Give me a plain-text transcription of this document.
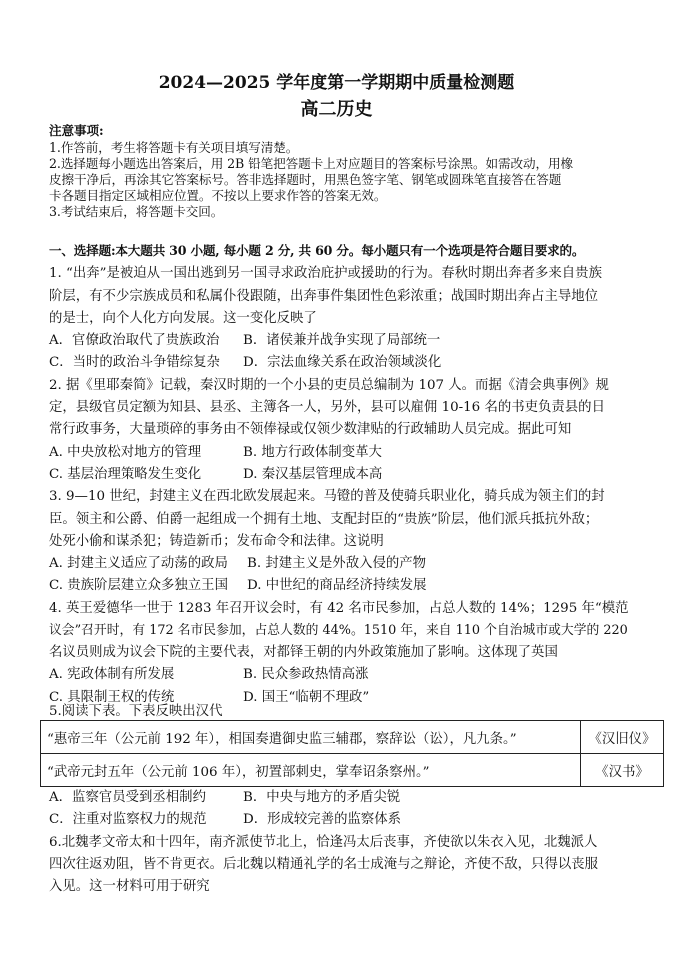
2024—2025 学年度第一学期期中质量检测题
高二历史
注意事项:
1.作答前，考生将答题卡有关项目填写清楚。
2.选择题每小题选出答案后，用 2B 铅笔把答题卡上对应题目的答案标号涂黑。如需改动，用橡
皮擦干净后，再涂其它答案标号。答非选择题时，用黑色签字笔、钢笔或圆珠笔直接答在答题
卡各题目指定区域相应位置。不按以上要求作答的答案无效。
3.考试结束后，将答题卡交回。
一、选择题:本大题共 30 小题, 每小题 2 分, 共 60 分。每小题只有一个选项是符合题目要求的。
1. “出奔”是被迫从一国出逃到另一国寻求政治庇护或援助的行为。春秋时期出奔者多来自贵族
阶层，有不少宗族成员和私属仆役跟随，出奔事件集团性色彩浓重；战国时期出奔占主导地位
的是士，向个人化方向发展。这一变化反映了
A．官僚政治取代了贵族政治 B．诸侯兼并战争实现了局部统一
C．当时的政治斗争错综复杂 D．宗法血缘关系在政治领域淡化
2. 据《里耶秦简》记载，秦汉时期的一个小县的吏员总编制为 107 人。而据《清会典事例》规
定，县级官员定额为知县、县丞、主簿各一人，另外，县可以雇佣 10-16 名的书吏负责县的日
常行政事务，大量琐碎的事务由不领俸禄或仅领少数津贴的行政辅助人员完成。据此可知
A. 中央放松对地方的管理	B. 地方行政体制变革大
C. 基层治理策略发生变化	D. 秦汉基层管理成本高
3. 9—10 世纪，封建主义在西北欧发展起来。马镫的普及使骑兵职业化，骑兵成为领主们的封
臣。领主和公爵、伯爵一起组成一个拥有土地、支配封臣的“贵族”阶层，他们派兵抵抗外敌；
处死小偷和谋杀犯；铸造新币；发布命令和法律。这说明
A. 封建主义适应了动荡的政局 B. 封建主义是外敌入侵的产物
C. 贵族阶层建立众多独立王国 D. 中世纪的商品经济持续发展
4. 英王爱德华一世于 1283 年召开议会时，有 42 名市民参加，占总人数的 14%；1295 年“模范
议会”召开时，有 172 名市民参加，占总人数的 44%。1510 年，来自 110 个自治城市或大学的 220
名议员则成为议会下院的主要代表，对都铎王朝的内外政策施加了影响。这体现了英国
A. 宪政体制有所发展	B. 民众参政热情高涨
C. 具限制王权的传统	D. 国王“临朝不理政”
5.阅读下表。下表反映出汉代
“惠帝三年（公元前 192 年），相国奏遣御史监三辅郡，察辞讼（讼），凡九条。”	《汉旧仪》
“武帝元封五年（公元前 106 年），初置部刺史，掌奉诏条察州。”	《汉书》
A．监察官员受到丞相制约	B．中央与地方的矛盾尖锐
C．注重对监察权力的规范	D．形成较完善的监察体系
6.北魏孝文帝太和十四年，南齐派使节北上，恰逢冯太后丧事，齐使欲以朱衣入见，北魏派人
四次往返劝阻，皆不肯更衣。后北魏以精通礼学的名士成淹与之辩论，齐使不敌，只得以丧服
入见。这一材料可用于研究
